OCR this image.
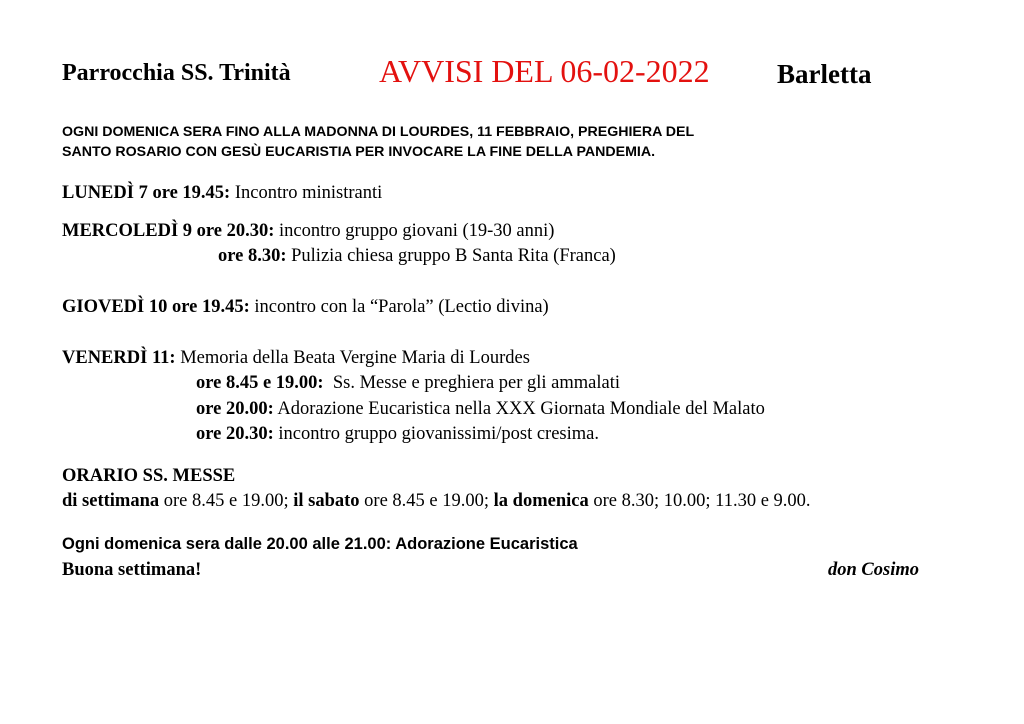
Parrocchia SS. Trinità	AVVISI DEL 06-02-2022 Barletta
OGNI DOMENICA SERA FINO ALLA MADONNA DI LOURDES, 11 FEBBRAIO, PREGHIERA DEL
SANTO ROSARIO CON GESÙ EUCARISTIA PER INVOCARE LA FINE DELLA PANDEMIA.
LUNEDÌ 7 ore 19.45: Incontro ministranti
MERCOLEDÌ 9 ore 20.30: incontro gruppo giovani (19-30 anni)
ore 8.30: Pulizia chiesa gruppo B Santa Rita (Franca)
GIOVEDÌ 10 ore 19.45: incontro con la “Parola” (Lectio divina)
VENERDÌ 11: Memoria della Beata Vergine Maria di Lourdes
ore 8.45 e 19.00:  Ss. Messe e preghiera per gli ammalati
ore 20.00: Adorazione Eucaristica nella XXX Giornata Mondiale del Malato
ore 20.30: incontro gruppo giovanissimi/post cresima.
ORARIO SS. MESSE
di settimana ore 8.45 e 19.00; il sabato ore 8.45 e 19.00; la domenica ore 8.30; 10.00; 11.30 e 9.00.
Ogni domenica sera dalle 20.00 alle 21.00: Adorazione Eucaristica
Buona settimana!	don Cosimo
